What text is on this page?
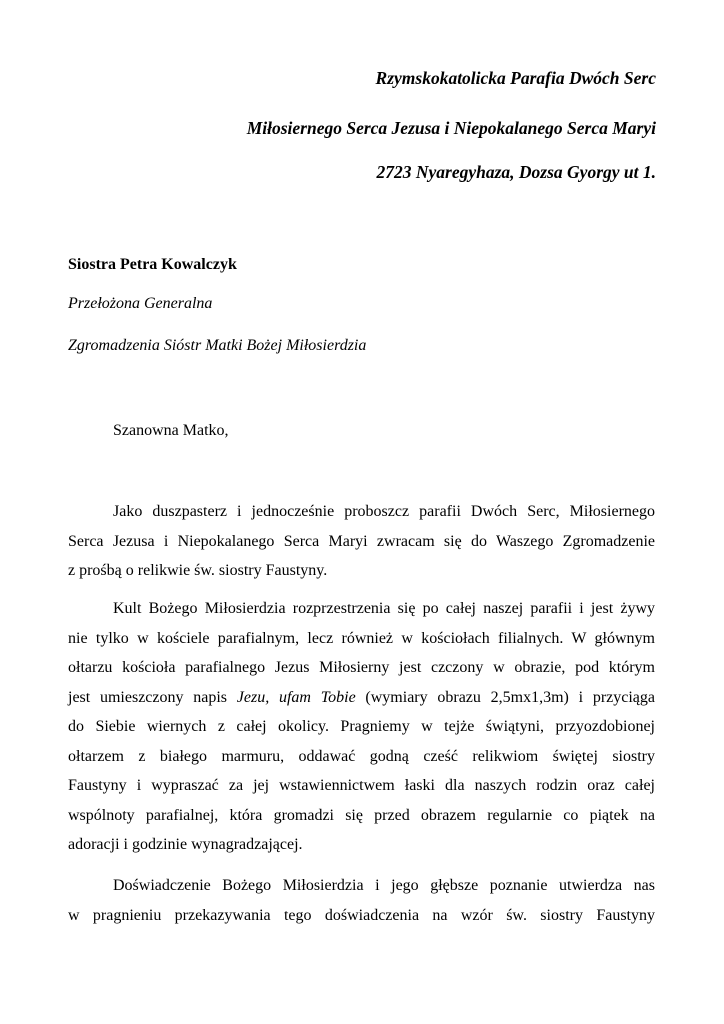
Rzymskokatolicka Parafia Dwóch Serc
Miłosiernego Serca Jezusa i Niepokalanego Serca Maryi
2723 Nyaregyhaza, Dozsa Gyorgy ut 1.
Siostra Petra Kowalczyk
Przełożona Generalna
Zgromadzenia Sióstr Matki Bożej Miłosierdzia
Szanowna Matko,
Jako duszpasterz i jednocześnie proboszcz parafii Dwóch Serc, Miłosiernego
Serca Jezusa i Niepokalanego Serca Maryi zwracam się do Waszego Zgromadzenie
z prośbą o relikwie św. siostry Faustyny.
Kult Bożego Miłosierdzia rozprzestrzenia się po całej naszej parafii i jest żywy
nie tylko w kościele parafialnym, lecz również w kościołach filialnych. W głównym
ołtarzu kościoła parafialnego Jezus Miłosierny jest czczony w obrazie, pod którym
jest umieszczony napis Jezu, ufam Tobie (wymiary obrazu 2,5mx1,3m) i przyciąga
do Siebie wiernych z całej okolicy. Pragniemy w tejże świątyni, przyozdobionej
ołtarzem z białego marmuru, oddawać godną cześć relikwiom świętej siostry
Faustyny i wypraszać za jej wstawiennictwem łaski dla naszych rodzin oraz całej
wspólnoty parafialnej, która gromadzi się przed obrazem regularnie co piątek na
adoracji i godzinie wynagradzającej.
Doświadczenie Bożego Miłosierdzia i jego głębsze poznanie utwierdza nas
w pragnieniu przekazywania tego doświadczenia na wzór św. siostry Faustyny
